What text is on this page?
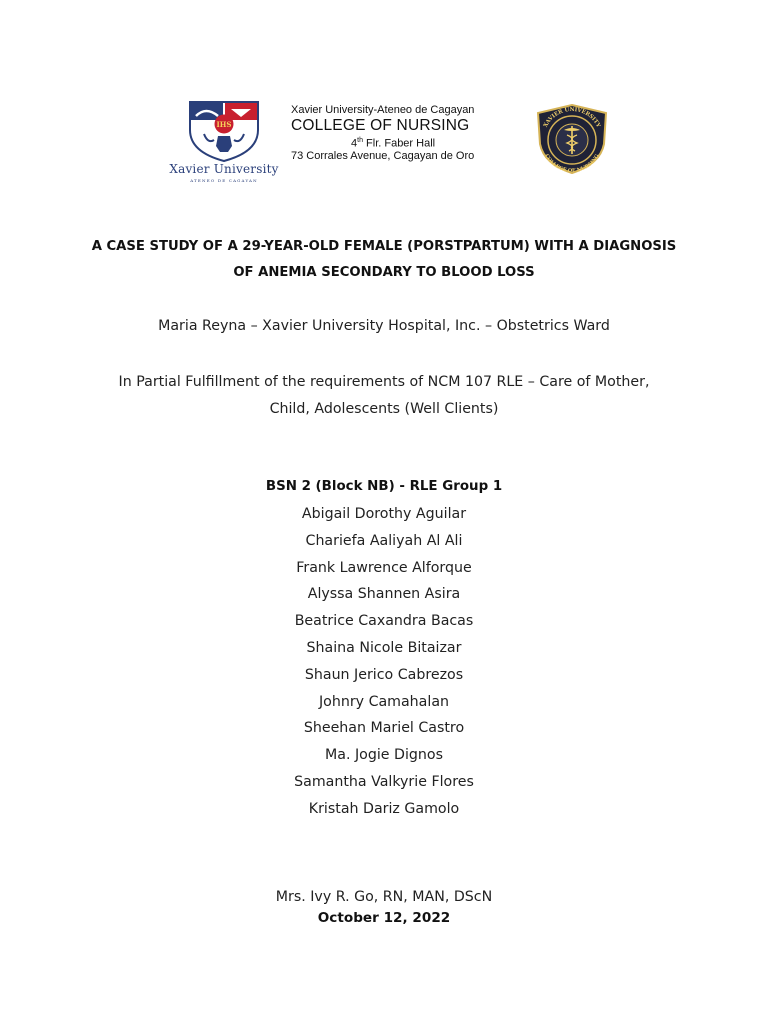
IHS
Xavier University
ATENEO DE CAGAYAN
Xavier University-Ateneo de Cagayan
COLLEGE OF NURSING
4th Flr. Faber Hall
73 Corrales Avenue, Cagayan de Oro
XAVIER UNIVERSITY
COLLEGE OF NURSING
A CASE STUDY OF A 29-YEAR-OLD FEMALE (PORSTPARTUM) WITH A DIAGNOSIS
OF ANEMIA SECONDARY TO BLOOD LOSS
Maria Reyna – Xavier University Hospital, Inc. – Obstetrics Ward
In Partial Fulfillment of the requirements of NCM 107 RLE – Care of Mother,
Child, Adolescents (Well Clients)
BSN 2 (Block NB) - RLE Group 1
Abigail Dorothy Aguilar
Chariefa Aaliyah Al Ali
Frank Lawrence Alforque
Alyssa Shannen Asira
Beatrice Caxandra Bacas
Shaina Nicole Bitaizar
Shaun Jerico Cabrezos
Johnry Camahalan
Sheehan Mariel Castro
Ma. Jogie Dignos
Samantha Valkyrie Flores
Kristah Dariz Gamolo
Mrs. Ivy R. Go, RN, MAN, DScN
October 12, 2022
